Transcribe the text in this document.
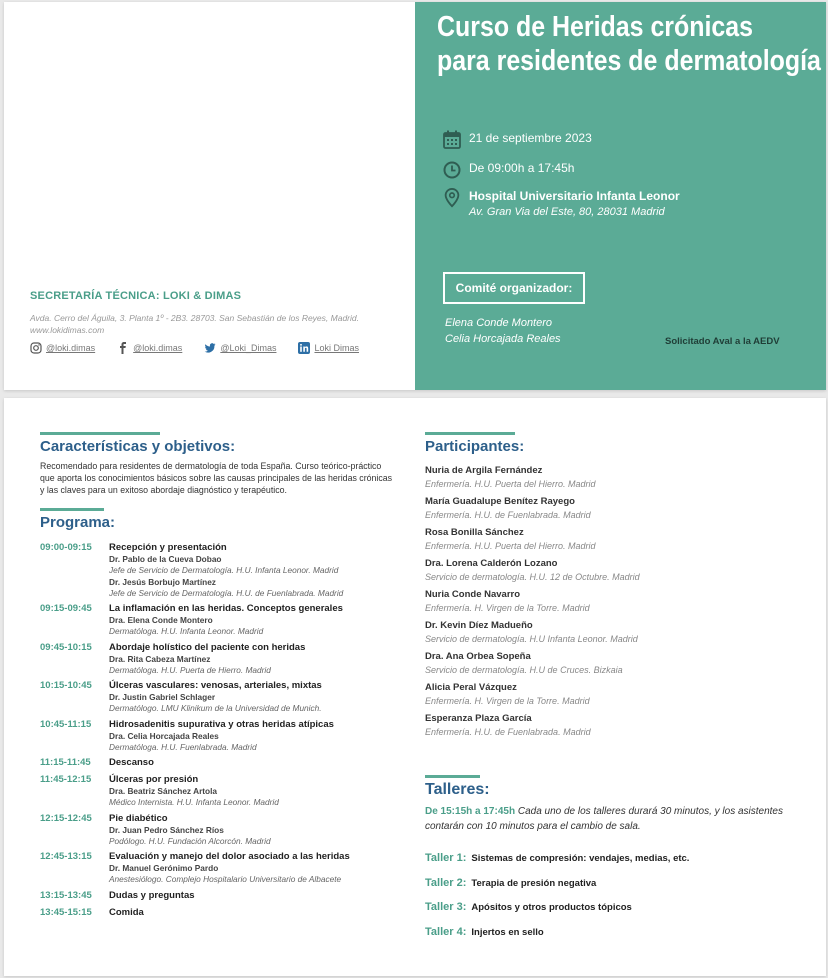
SECRETARÍA TÉCNICA: LOKI & DIMAS
Avda. Cerro del Águila, 3. Planta 1º - 2B3. 28703. San Sebastián de los Reyes, Madrid.
www.lokidimas.com
@loki.dimas	@loki.dimas	@Loki_Dimas	Loki Dimas
Curso de Heridas crónicas
para residentes de dermatología
21 de septiembre 2023
De 09:00h a 17:45h
Hospital Universitario Infanta Leonor
Av. Gran Via del Este, 80, 28031 Madrid
Comité organizador:
Elena Conde Montero
Celia Horcajada Reales	Solicitado Aval a la AEDV
Características y objetivos:
Recomendado para residentes de dermatología de toda España. Curso teórico-práctico que aporta los conocimientos básicos sobre las causas principales de las heridas crónicas y las claves para un exitoso abordaje diagnóstico y terapéutico.
Programa:
09:00-09:15	Recepción y presentación
Dr. Pablo de la Cueva Dobao
Jefe de Servicio de Dermatología. H.U. Infanta Leonor. Madrid
Dr. Jesús Borbujo Martínez
Jefe de Servicio de Dermatología. H.U. de Fuenlabrada. Madrid
09:15-09:45	La inflamación en las heridas. Conceptos generales
Dra. Elena Conde Montero
Dermatóloga. H.U. Infanta Leonor. Madrid
09:45-10:15	Abordaje holístico del paciente con heridas
Dra. Rita Cabeza Martínez
Dermatóloga. H.U. Puerta de Hierro. Madrid
10:15-10:45	Úlceras vasculares: venosas, arteriales, mixtas
Dr. Justin Gabriel Schlager
Dermatólogo. LMU Klinikum de la Universidad de Munich.
10:45-11:15	Hidrosadenitis supurativa y otras heridas atípicas
Dra. Celia Horcajada Reales
Dermatóloga. H.U. Fuenlabrada. Madrid
11:15-11:45	Descanso
11:45-12:15	Úlceras por presión
Dra. Beatriz Sánchez Artola
Médico Internista. H.U. Infanta Leonor. Madrid
12:15-12:45	Pie diabético
Dr. Juan Pedro Sánchez Ríos
Podólogo. H.U. Fundación Alcorcón. Madrid
12:45-13:15	Evaluación y manejo del dolor asociado a las heridas
Dr. Manuel Gerónimo Pardo
Anestesiólogo. Complejo Hospitalario Universitario de Albacete
13:15-13:45	Dudas y preguntas
13:45-15:15	Comida
Participantes:
Nuria de Argila Fernández
Enfermería. H.U. Puerta del Hierro. Madrid
María Guadalupe Benítez Rayego
Enfermería. H.U. de Fuenlabrada. Madrid
Rosa Bonilla Sánchez
Enfermería. H.U. Puerta del Hierro. Madrid
Dra. Lorena Calderón Lozano
Servicio de dermatología. H.U. 12 de Octubre. Madrid
Nuria Conde Navarro
Enfermería. H. Virgen de la Torre. Madrid
Dr. Kevin Díez Madueño
Servicio de dermatología. H.U Infanta Leonor. Madrid
Dra. Ana Orbea Sopeña
Servicio de dermatología. H.U de Cruces. Bizkaia
Alicia Peral Vázquez
Enfermería. H. Virgen de la Torre. Madrid
Esperanza Plaza García
Enfermería. H.U. de Fuenlabrada. Madrid
Talleres:
De 15:15h a 17:45h Cada uno de los talleres durará 30 minutos, y los asistentes contarán con 10 minutos para el cambio de sala.
Taller 1: Sistemas de compresión: vendajes, medias, etc.
Taller 2: Terapia de presión negativa
Taller 3: Apósitos y otros productos tópicos
Taller 4: Injertos en sello
